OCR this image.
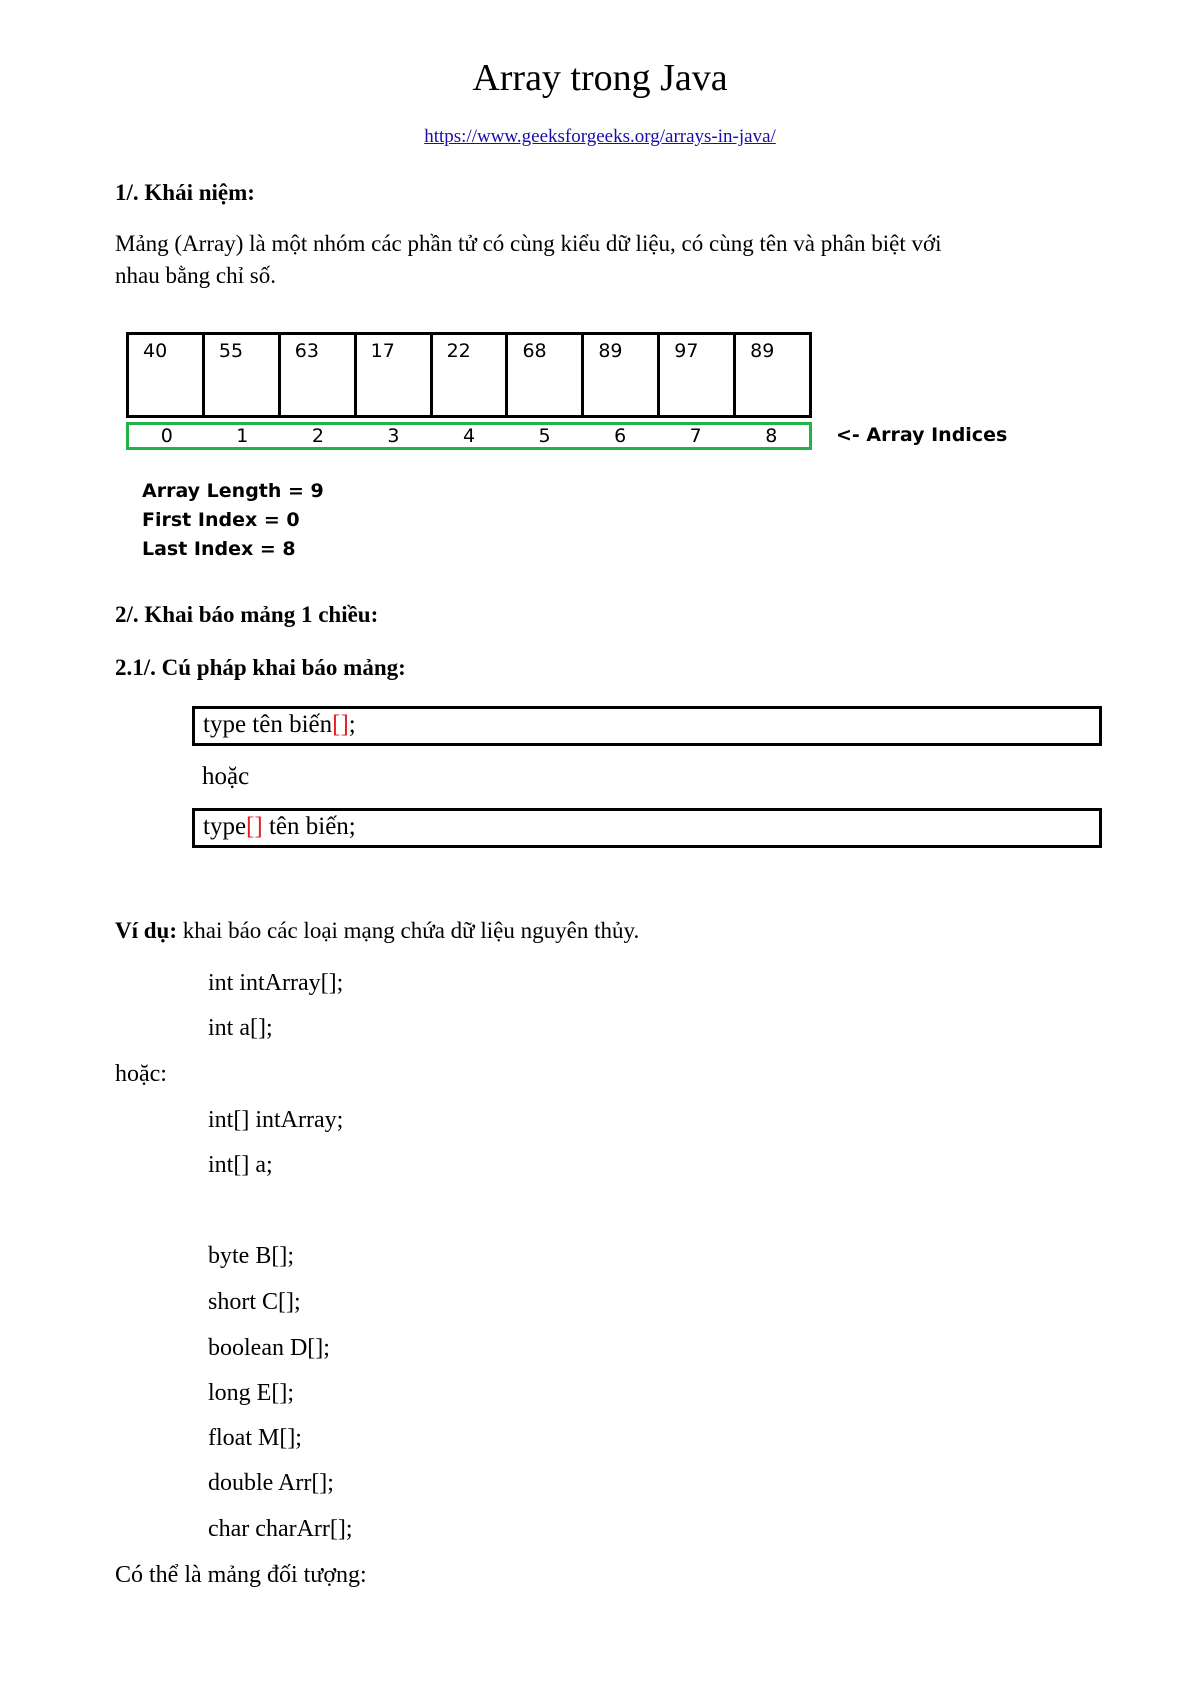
Array trong Java
https://www.geeksforgeeks.org/arrays-in-java/
1/. Khái niệm:
Mảng (Array) là một nhóm các phần tử có cùng kiểu dữ liệu, có cùng tên và phân biệt với
nhau bằng chỉ số.
40	55	63	17	22	68	89	97	89
0	1	2	3	4	5	6	7	8	<- Array Indices
Array Length = 9
First Index = 0
Last Index = 8
2/. Khai báo mảng 1 chiều:
2.1/. Cú pháp khai báo mảng:
type tên biến[];
hoặc
type[] tên biến;
Ví dụ: khai báo các loại mạng chứa dữ liệu nguyên thủy.
int intArray[];
int a[];
hoặc:
int[] intArray;
int[] a;
byte B[];
short C[];
boolean D[];
long E[];
float M[];
double Arr[];
char charArr[];
Có thể là mảng đối tượng:
